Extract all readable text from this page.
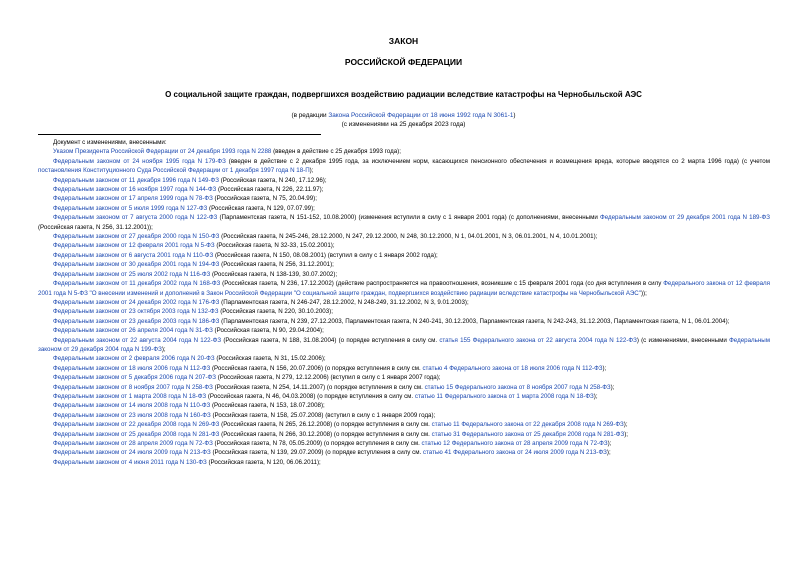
ЗАКОН
РОССИЙСКОЙ ФЕДЕРАЦИИ
О социальной защите граждан, подвергшихся воздействию радиации вследствие катастрофы на Чернобыльской АЭС
(в редакции Закона Российской Федерации от 18 июня 1992 года N 3061-1)
(с изменениями на 25 декабря 2023 года)

Документ с изменениями, внесенными:

Указом Президента Российской Федерации от 24 декабря 1993 года N 2288 (введен в действие с 25 декабря 1993 года);

Федеральным законом от 24 ноября 1995 года N 179-ФЗ (введен в действие с 2 декабря 1995 года, за исключением норм, касающихся пенсионного обеспечения и возмещения вреда, которые вводятся со 2 марта 1996 года) (с учетом постановления Конституционного Суда Российской Федерации от 1 декабря 1997 года N 18-П);

Федеральным законом от 11 декабря 1996 года N 149-ФЗ (Российская газета, N 240, 17.12.96);

Федеральным законом от 16 ноября 1997 года N 144-ФЗ (Российская газета, N 226, 22.11.97);

Федеральным законом от 17 апреля 1999 года N 78-ФЗ (Российская газета, N 75, 20.04.99);

Федеральным законом от 5 июля 1999 года N 127-ФЗ (Российская газета, N 129, 07.07.99);

Федеральным законом от 7 августа 2000 года N 122-ФЗ (Парламентская газета, N 151-152, 10.08.2000) (изменения вступили в силу с 1 января 2001 года) (с дополнениями, внесенными Федеральным законом от 29 декабря 2001 года N 189-ФЗ (Российская газета, N 256, 31.12.2001));

Федеральным законом от 27 декабря 2000 года N 150-ФЗ (Российская газета, N 245-246, 28.12.2000, N 247, 29.12.2000, N 248, 30.12.2000, N 1, 04.01.2001, N 3, 06.01.2001, N 4, 10.01.2001);

Федеральным законом от 12 февраля 2001 года N 5-ФЗ (Российская газета, N 32-33, 15.02.2001);

Федеральным законом от 6 августа 2001 года N 110-ФЗ (Российская газета, N 150, 08.08.2001) (вступил в силу с 1 января 2002 года);

Федеральным законом от 30 декабря 2001 года N 194-ФЗ (Российская газета, N 256, 31.12.2001);

Федеральным законом от 25 июля 2002 года N 116-ФЗ (Российская газета, N 138-139, 30.07.2002);

Федеральным законом от 11 декабря 2002 года N 168-ФЗ (Российская газета, N 236, 17.12.2002) (действие распространяется на правоотношения, возникшие с 15 февраля 2001 года (со дня вступления в силу Федерального закона от 12 февраля 2001 года N 5-ФЗ "О внесении изменений и дополнений в Закон Российской Федерации "О социальной защите граждан, подвергшихся воздействию радиации вследствие катастрофы на Чернобыльской АЭС"));

Федеральным законом от 24 декабря 2002 года N 176-ФЗ (Парламентская газета, N 246-247, 28.12.2002, N 248-249, 31.12.2002, N 3, 9.01.2003);

Федеральным законом от 23 октября 2003 года N 132-ФЗ (Российская газета, N 220, 30.10.2003);

Федеральным законом от 23 декабря 2003 года N 186-ФЗ (Парламентская газета, N 239, 27.12.2003, Парламентская газета, N 240-241, 30.12.2003, Парламентская газета, N 242-243, 31.12.2003, Парламентская газета, N 1, 06.01.2004);

Федеральным законом от 26 апреля 2004 года N 31-ФЗ (Российская газета, N 90, 29.04.2004);

Федеральным законом от 22 августа 2004 года N 122-ФЗ (Российская газета, N 188, 31.08.2004) (о порядке вступления в силу см. статья 155 Федерального закона от 22 августа 2004 года N 122-ФЗ) (с изменениями, внесенными Федеральным законом от 29 декабря 2004 года N 199-ФЗ);

Федеральным законом от 2 февраля 2006 года N 20-ФЗ (Российская газета, N 31, 15.02.2006);

Федеральным законом от 18 июля 2006 года N 112-ФЗ (Российская газета, N 156, 20.07.2006) (о порядке вступления в силу см. статью 4 Федерального закона от 18 июля 2006 года N 112-ФЗ);

Федеральным законом от 5 декабря 2006 года N 207-ФЗ (Российская газета, N 279, 12.12.2006) (вступил в силу с 1 января 2007 года);

Федеральным законом от 8 ноября 2007 года N 258-ФЗ (Российская газета, N 254, 14.11.2007) (о порядке вступления в силу см. статью 15 Федерального закона от 8 ноября 2007 года N 258-ФЗ);

Федеральным законом от 1 марта 2008 года N 18-ФЗ (Российская газета, N 46, 04.03.2008) (о порядке вступления в силу см. статью 11 Федерального закона от 1 марта 2008 года N 18-ФЗ);

Федеральным законом от 14 июля 2008 года N 110-ФЗ (Российская газета, N 153, 18.07.2008);

Федеральным законом от 23 июля 2008 года N 160-ФЗ (Российская газета, N 158, 25.07.2008) (вступил в силу с 1 января 2009 года);

Федеральным законом от 22 декабря 2008 года N 269-ФЗ (Российская газета, N 265, 26.12.2008) (о порядке вступления в силу см. статью 11 Федерального закона от 22 декабря 2008 года N 269-ФЗ);

Федеральным законом от 25 декабря 2008 года N 281-ФЗ (Российская газета, N 266, 30.12.2008) (о порядке вступления в силу см. статью 31 Федерального закона от 25 декабря 2008 года N 281-ФЗ);

Федеральным законом от 28 апреля 2009 года N 72-ФЗ (Российская газета, N 78, 05.05.2009) (о порядке вступления в силу см. статью 12 Федерального закона от 28 апреля 2009 года N 72-ФЗ);

Федеральным законом от 24 июля 2009 года N 213-ФЗ (Российская газета, N 139, 29.07.2009) (о порядке вступления в силу см. статью 41 Федерального закона от 24 июля 2009 года N 213-ФЗ);

Федеральным законом от 4 июня 2011 года N 130-ФЗ (Российская газета, N 120, 06.06.2011);
